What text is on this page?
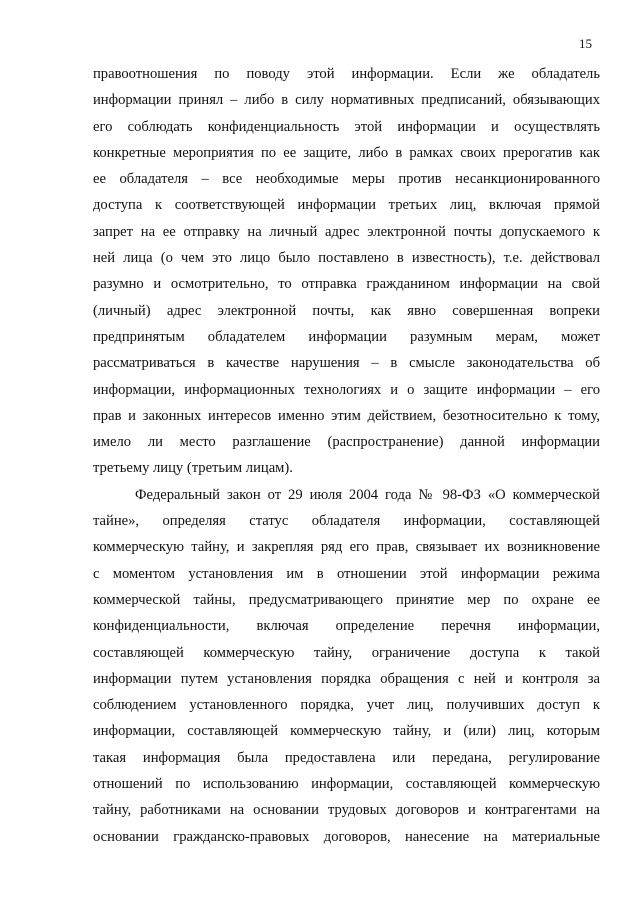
15
правоотношения по поводу этой информации. Если же обладатель
информации принял – либо в силу нормативных предписаний, обязывающих
его соблюдать конфиденциальность этой информации и осуществлять
конкретные мероприятия по ее защите, либо в рамках своих прерогатив как
ее обладателя – все необходимые меры против несанкционированного
доступа к соответствующей информации третьих лиц, включая прямой
запрет на ее отправку на личный адрес электронной почты допускаемого к
ней лица (о чем это лицо было поставлено в известность), т.е. действовал
разумно и осмотрительно, то отправка гражданином информации на свой
(личный) адрес электронной почты, как явно совершенная вопреки
предпринятым обладателем информации разумным мерам, может
рассматриваться в качестве нарушения – в смысле законодательства об
информации, информационных технологиях и о защите информации – его
прав и законных интересов именно этим действием, безотносительно к тому,
имело ли место разглашение (распространение) данной информации
третьему лицу (третьим лицам).
Федеральный закон от 29 июля 2004 года № 98-ФЗ «О коммерческой
тайне», определяя статус обладателя информации, составляющей
коммерческую тайну, и закрепляя ряд его прав, связывает их возникновение
с моментом установления им в отношении этой информации режима
коммерческой тайны, предусматривающего принятие мер по охране ее
конфиденциальности, включая определение перечня информации,
составляющей коммерческую тайну, ограничение доступа к такой
информации путем установления порядка обращения с ней и контроля за
соблюдением установленного порядка, учет лиц, получивших доступ к
информации, составляющей коммерческую тайну, и (или) лиц, которым
такая информация была предоставлена или передана, регулирование
отношений по использованию информации, составляющей коммерческую
тайну, работниками на основании трудовых договоров и контрагентами на
основании гражданско-правовых договоров, нанесение на материальные
